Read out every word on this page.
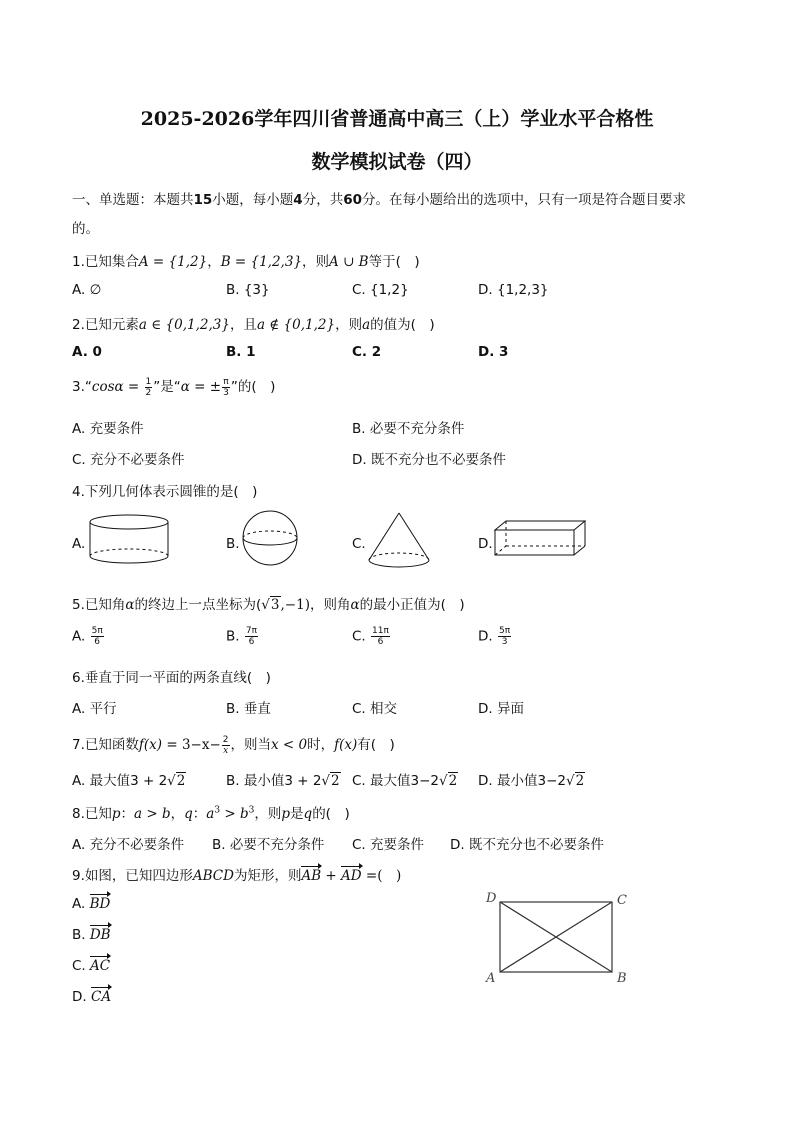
2025-2026学年四川省普通高中高三（上）学业水平合格性
数学模拟试卷（四）
一、单选题：本题共15小题，每小题4分，共60分。在每小题给出的选项中，只有一项是符合题目要求
的。
1.已知集合A = {1,2}，B = {1,2,3}，则A ∪ B等于(　)
A. ∅	B. {3}	C. {1,2}	D. {1,2,3}
2.已知元素a ∈ {0,1,2,3}，且a ∉ {0,1,2}，则a的值为(　)
A. 0	B. 1	C. 2	D. 3
3.“cosα = $\frac{1}{2}$ ”是“α = ± $\frac{\pi}{3}$ ”的(　)
A. 充要条件	B. 必要不充分条件
C. 充分不必要条件	D. 既不充分也不必要条件
4.下列几何体表示圆锥的是(　)
A.	B.	C.	D.
5.已知角α的终边上一点坐标为(√3,−1)，则角α的最小正值为(　)
A. $\frac{5\pi}{6}$	B. $\frac{7\pi}{6}$	C. $\frac{11\pi}{6}$	D. $\frac{5\pi}{3}$
6.垂直于同一平面的两条直线(　)
A. 平行	B. 垂直	C. 相交	D. 异面
7.已知函数$f(x) = 3-x- \frac{2}{x}$ ，则当x < 0时，f(x)有(　)
A. 最大值3 + 2√2	B. 最小值3 + 2√2 C. 最大值3−2√2 D. 最小值3−2√2
8.已知p：a > b，q：$a^3 > b^3$，则p是q的(　)
A. 充分不必要条件 B. 必要不充分条件 C. 充要条件 D. 既不充分也不必要条件
9.如图，已知四边形ABCD为矩形，则AB + AD =(　)
A. BD
B. DB
C. AC
D. CA
D	C
A	B
